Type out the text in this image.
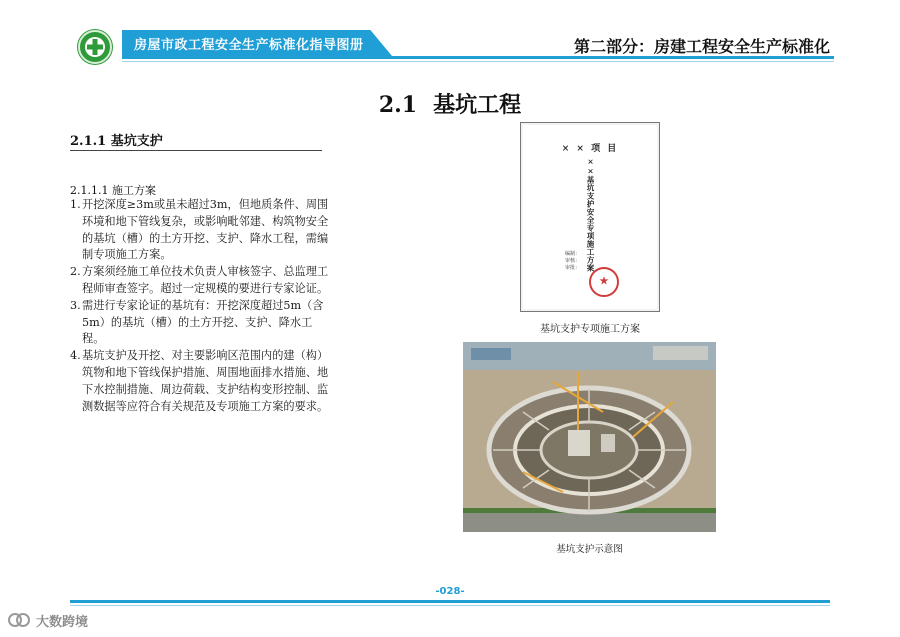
房屋市政工程安全生产标准化指导图册	第二部分：房建工程安全生产标准化
2.1 基坑工程
2.1.1 基坑支护
2.1.1.1 施工方案
1. 开挖深度≥3m或虽未超过3m，但地质条件、周围环境和地下管线复杂，或影响毗邻建、构筑物安全的基坑（槽）的土方开挖、支护、降水工程，需编制专项施工方案。
2. 方案须经施工单位技术负责人审核签字、总监理工程师审查签字。超过一定规模的要进行专家论证。
3. 需进行专家论证的基坑有：开挖深度超过5m（含5m）的基坑（槽）的土方开挖、支护、降水工程。
4. 基坑支护及开挖、对主要影响区范围内的建（构）筑物和地下管线保护措施、周围地面排水措施、地下水控制措施、周边荷载、支护结构变形控制、监测数据等应符合有关规范及专项施工方案的要求。
× × 项 目
××基坑支护安全专项施工方案
编制：
审核：
审批：
★
基坑支护专项施工方案
基坑支护示意图
-028-
大数跨境
